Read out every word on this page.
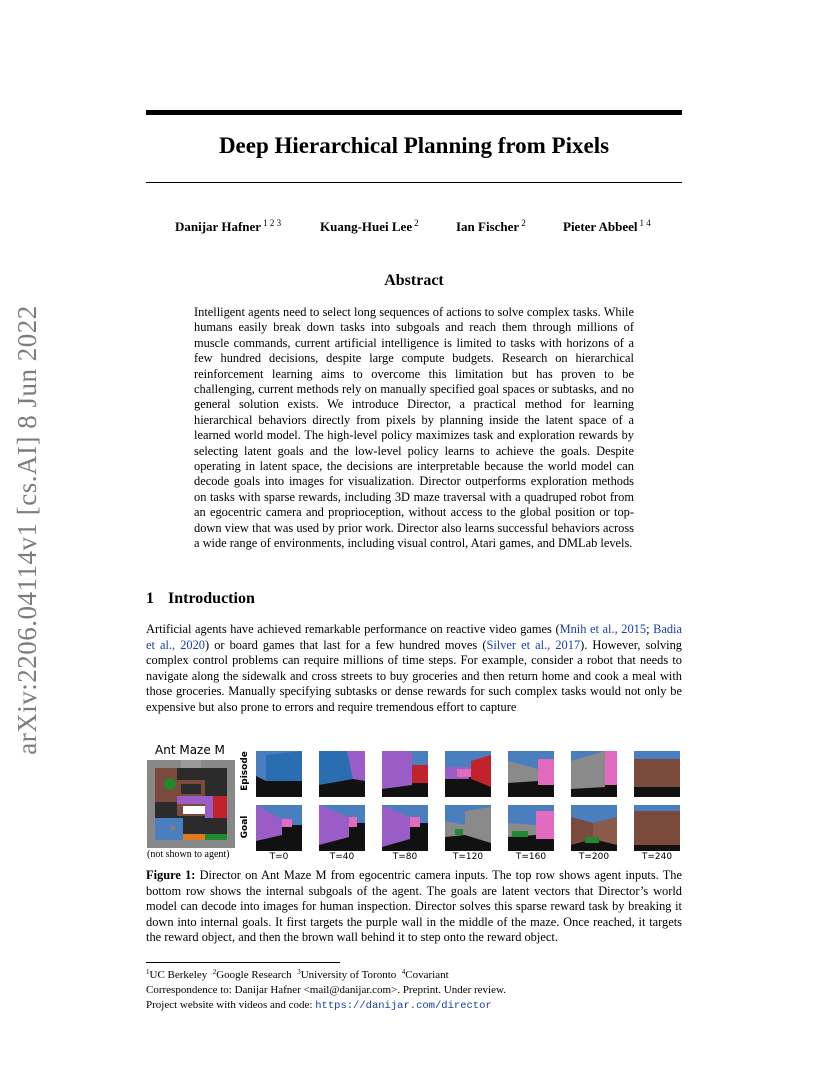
arXiv:2206.04114v1 [cs.AI] 8 Jun 2022
Deep Hierarchical Planning from Pixels
Danijar Hafner $^{1 2 3}$	Kuang-Huei Lee $^2$	Ian Fischer $^2$	Pieter Abbeel $^{1 4}$
Abstract
Intelligent agents need to select long sequences of actions to solve complex tasks. While humans easily break down tasks into subgoals and reach them through millions of muscle commands, current artificial intelligence is limited to tasks with horizons of a few hundred decisions, despite large compute budgets. Research on hierarchical reinforcement learning aims to overcome this limitation but has proven to be challenging, current methods rely on manually specified goal spaces or subtasks, and no general solution exists. We introduce Director, a practical method for learning hierarchical behaviors directly from pixels by planning inside the latent space of a learned world model. The high-level policy maximizes task and exploration rewards by selecting latent goals and the low-level policy learns to achieve the goals. Despite operating in latent space, the decisions are interpretable because the world model can decode goals into images for visualization. Director outperforms exploration methods on tasks with sparse rewards, including 3D maze traversal with a quadruped robot from an egocentric camera and proprioception, without access to the global position or top-down view that was used by prior work. Director also learns successful behaviors across a wide range of environments, including visual control, Atari games, and DMLab levels.
1 Introduction
Artificial agents have achieved remarkable performance on reactive video games (Mnih et al., 2015; Badia et al., 2020) or board games that last for a few hundred moves (Silver et al., 2017). However, solving complex control problems can require millions of time steps. For example, consider a robot that needs to navigate along the sidewalk and cross streets to buy groceries and then return home and cook a meal with those groceries. Manually specifying subtasks or dense rewards for such complex tasks would not only be expensive but also prone to errors and require tremendous effort to capture
Ant Maze M
×
Episode
Goal
(not shown to agent)	T=0	T=40	T=80	T=120	T=160	T=200	T=240
Figure 1: Director on Ant Maze M from egocentric camera inputs. The top row shows agent inputs. The bottom row shows the internal subgoals of the agent. The goals are latent vectors that Director’s world model can decode into images for human inspection. Director solves this sparse reward task by breaking it down into internal goals. It first targets the purple wall in the middle of the maze. Once reached, it targets the reward object, and then the brown wall behind it to step onto the reward object.
$^1$UC Berkeley $^2$Google Research $^3$University of Toronto $^4$Covariant
Correspondence to: Danijar Hafner <mail@danijar.com>. Preprint. Under review.
Project website with videos and code: https://danijar.com/director
